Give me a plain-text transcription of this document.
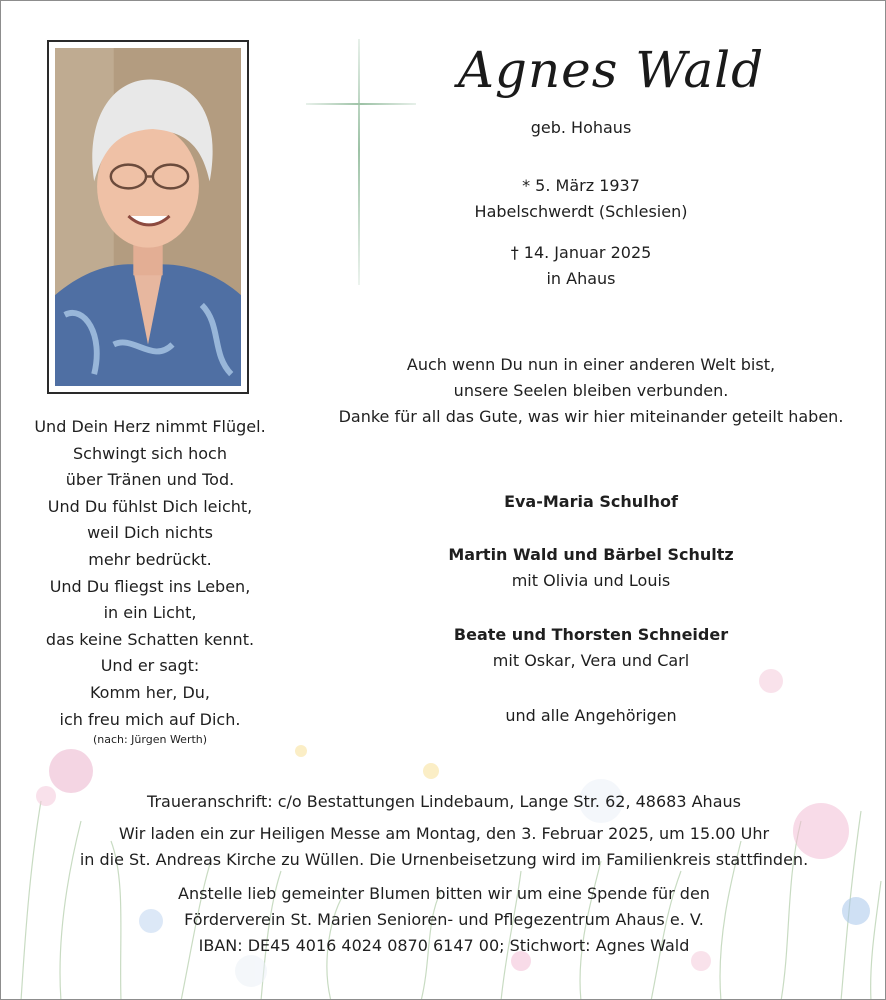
Agnes Wald
geb. Hohaus
* 5. März 1937
Habelschwerdt (Schlesien)
† 14. Januar 2025
in Ahaus
Auch wenn Du nun in einer anderen Welt bist,
unsere Seelen bleiben verbunden.
Danke für all das Gute, was wir hier miteinander geteilt haben.
Eva-Maria Schulhof
Martin Wald und Bärbel Schultz
mit Olivia und Louis
Beate und Thorsten Schneider
mit Oskar, Vera und Carl
und alle Angehörigen
Und Dein Herz nimmt Flügel.
Schwingt sich hoch
über Tränen und Tod.
Und Du fühlst Dich leicht,
weil Dich nichts
mehr bedrückt.
Und Du fliegst ins Leben,
in ein Licht,
das keine Schatten kennt.
Und er sagt:
Komm her, Du,
ich freu mich auf Dich.
(nach: Jürgen Werth)
Traueranschrift: c/o Bestattungen Lindebaum, Lange Str. 62, 48683 Ahaus
Wir laden ein zur Heiligen Messe am Montag, den 3. Februar 2025, um 15.00 Uhr
in die St. Andreas Kirche zu Wüllen. Die Urnenbeisetzung wird im Familienkreis stattfinden.
Anstelle lieb gemeinter Blumen bitten wir um eine Spende für den
Förderverein St. Marien Senioren- und Pflegezentrum Ahaus e. V.
IBAN: DE45 4016 4024 0870 6147 00; Stichwort: Agnes Wald
